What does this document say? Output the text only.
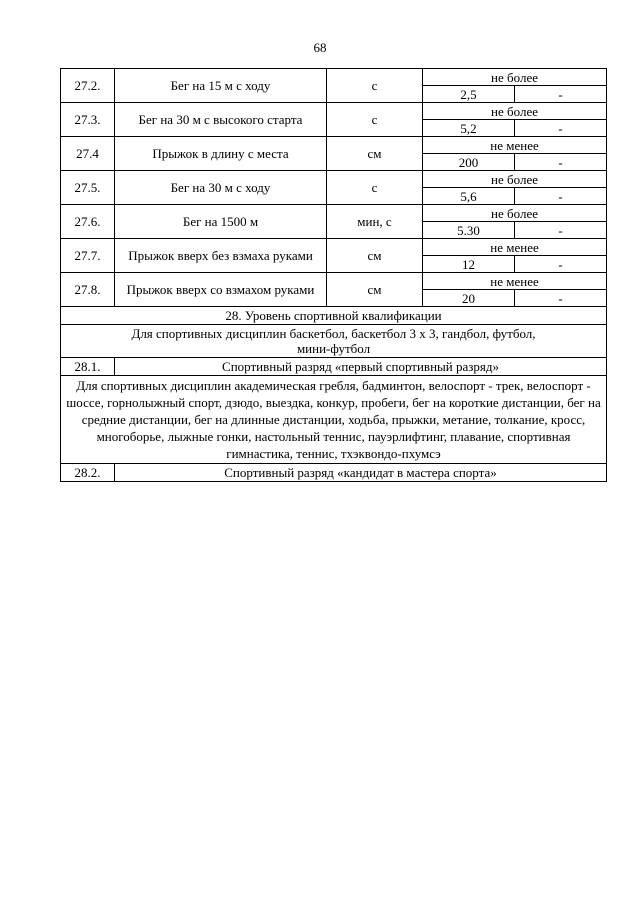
68
27.2.	Бег на 15 м с ходу	с	не более	
			2,5	-
27.3.	Бег на 30 м с высокого старта	с	не более	
			5,2	-
27.4	Прыжок в длину с места	см	не менее	
			200	-
27.5.	Бег на 30 м с ходу	с	не более	
			5,6	-
27.6.	Бег на 1500 м	мин, с	не более	
			5.30	-
27.7.	Прыжок вверх без взмаха руками	см	не менее	
			12	-
27.8.	Прыжок вверх со взмахом руками	см	не менее	
			20	-
28. Уровень спортивной квалификации				
Для спортивных дисциплин баскетбол, баскетбол 3 х 3, гандбол, футбол, мини-футбол				
28.1.	Спортивный разряд «первый спортивный разряд»			
Для спортивных дисциплин академическая гребля, бадминтон, велоспорт - трек, велоспорт - шоссе, горнолыжный спорт, дзюдо, выездка, конкур, пробеги, бег на короткие дистанции, бег на средние дистанции, бег на длинные дистанции, ходьба, прыжки, метание, толкание, кросс, многоборье, лыжные гонки, настольный теннис, пауэрлифтинг, плавание, спортивная гимнастика, теннис, тхэквондо-пхумсэ				
28.2.	Спортивный разряд «кандидат в мастера спорта»			
